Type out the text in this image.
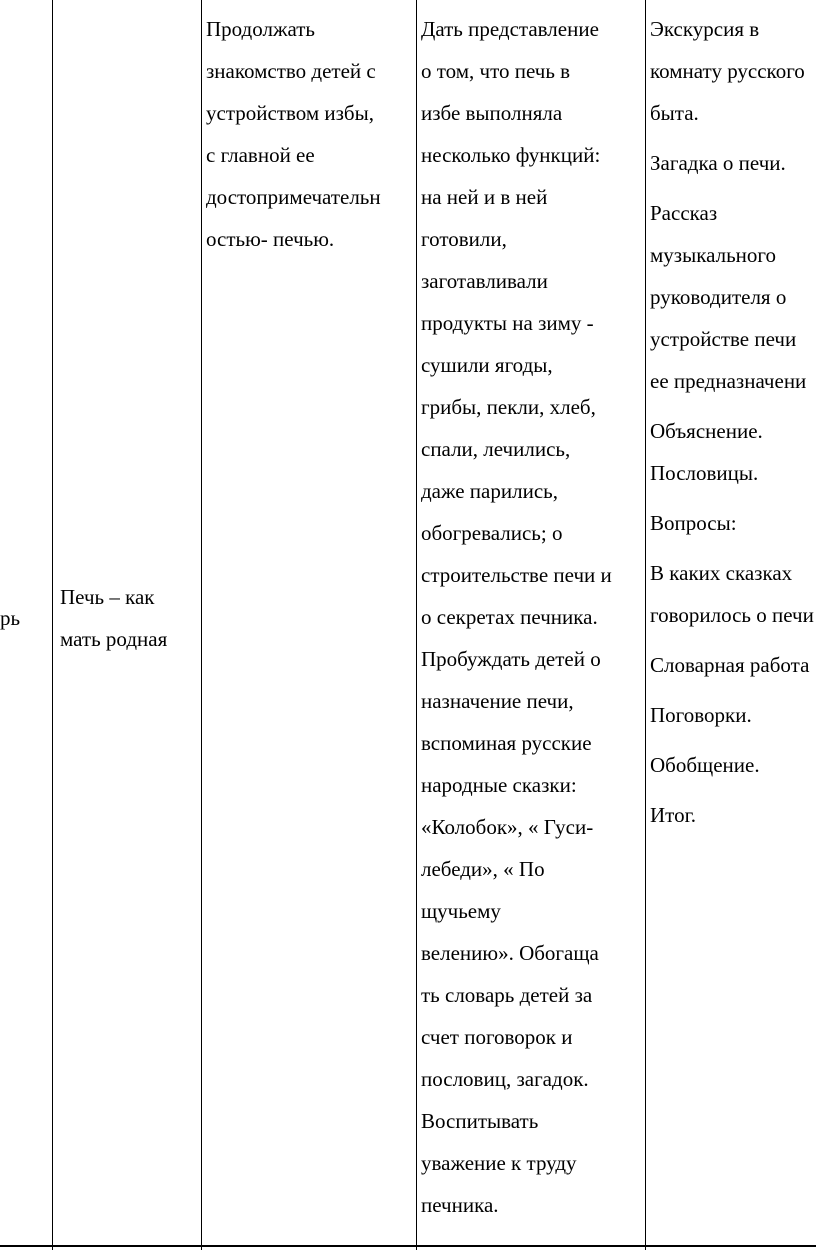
рь
Печь – как
мать родная
Продолжать
знакомство детей с
устройством избы,
с главной ее
достопримечательн
остью- печью.
Дать представление
о том, что печь в
избе выполняла
несколько функций:
на ней и в ней
готовили,
заготавливали
продукты на зиму -
сушили ягоды,
грибы, пекли, хлеб,
спали, лечились,
даже парились,
обогревались; о
строительстве печи и
о секретах печника.
Пробуждать детей о
назначение печи,
вспоминая русские
народные сказки:
«Колобок», « Гуси-
лебеди», « По
щучьему
велению». Обогаща
ть словарь детей за
счет поговорок и
пословиц, загадок.
Воспитывать
уважение к труду
печника.
Экскурсия в
комнату русского
быта.
Загадка о печи.
Рассказ
музыкального
руководителя о
устройстве печи
ее предназначени
Объяснение.
Пословицы.
Вопросы:
В каких сказках
говорилось о печи
Словарная работа
Поговорки.
Обобщение.
Итог.
